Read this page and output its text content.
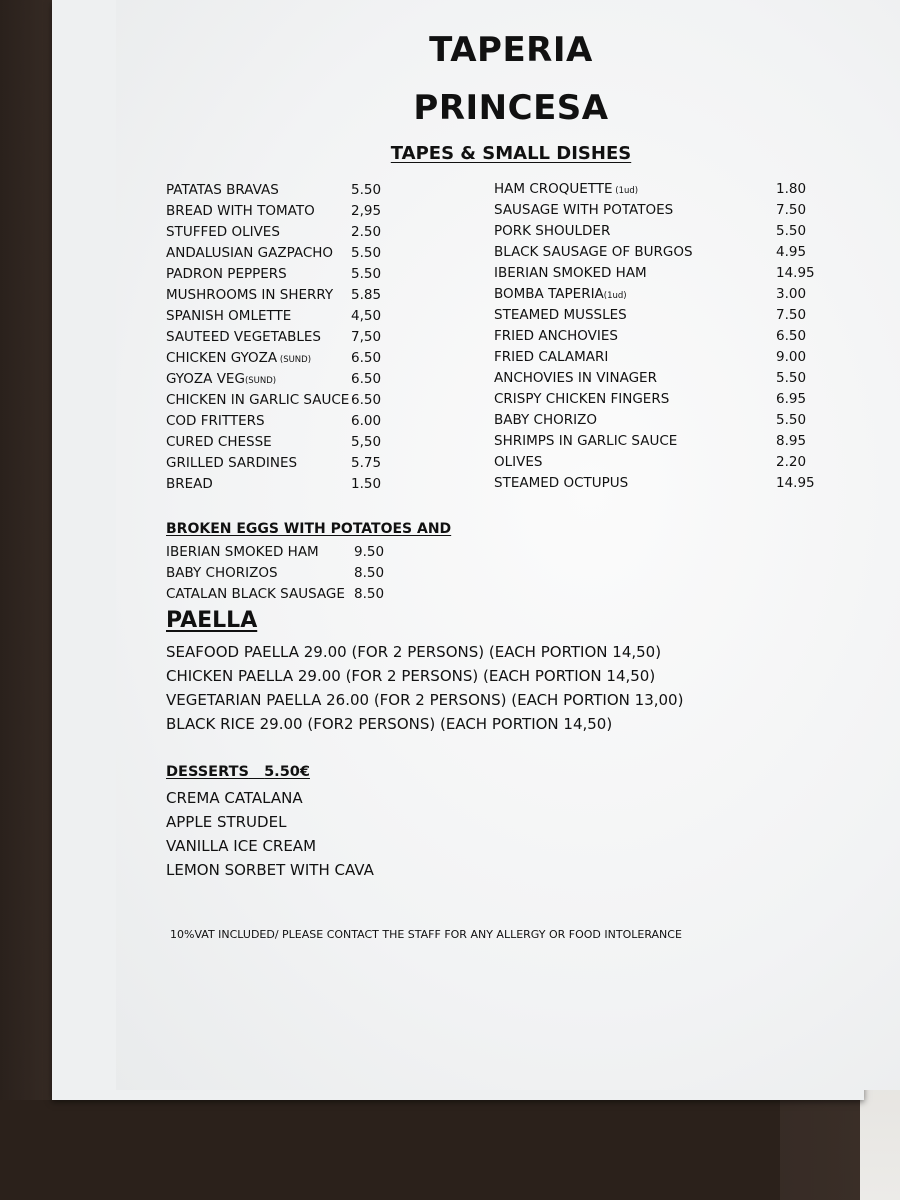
TAPERIA
PRINCESA
TAPES & SMALL DISHES
PATATAS BRAVAS	5.50
BREAD WITH TOMATO	2,95
STUFFED OLIVES	2.50
ANDALUSIAN GAZPACHO 5.50
PADRON PEPPERS	5.50
MUSHROOMS IN SHERRY 5.85
SPANISH OMLETTE	4,50
SAUTEED VEGETABLES 7,50
CHICKEN GYOZA (SUND)	6.50
GYOZA VEG(SUND)	6.50
CHICKEN IN GARLIC SAUCE 6.50
COD FRITTERS	6.00
CURED CHESSE	5,50
GRILLED SARDINES	5.75
BREAD	1.50
HAM CROQUETTE (1ud)	1.80
SAUSAGE WITH POTATOES	7.50
PORK SHOULDER	5.50
BLACK SAUSAGE OF BURGOS	4.95
IBERIAN SMOKED HAM	14.95
BOMBA TAPERIA(1ud)	3.00
STEAMED MUSSLES	7.50
FRIED ANCHOVIES	6.50
FRIED CALAMARI	9.00
ANCHOVIES IN VINAGER	5.50
CRISPY CHICKEN FINGERS	6.95
BABY CHORIZO	5.50
SHRIMPS IN GARLIC SAUCE	8.95
OLIVES	2.20
STEAMED OCTUPUS	14.95
BROKEN EGGS WITH POTATOES AND
IBERIAN SMOKED HAM	9.50
BABY CHORIZOS	8.50
CATALAN BLACK SAUSAGE 8.50
PAELLA
SEAFOOD PAELLA 29.00 (FOR 2 PERSONS) (EACH PORTION 14,50)
CHICKEN PAELLA 29.00 (FOR 2 PERSONS) (EACH PORTION 14,50)
VEGETARIAN PAELLA 26.00 (FOR 2 PERSONS) (EACH PORTION 13,00)
BLACK RICE 29.00 (FOR2 PERSONS) (EACH PORTION 14,50)
DESSERTS 5.50€
CREMA CATALANA
APPLE STRUDEL
VANILLA ICE CREAM
LEMON SORBET WITH CAVA
10%VAT INCLUDED/ PLEASE CONTACT THE STAFF FOR ANY ALLERGY OR FOOD INTOLERANCE
